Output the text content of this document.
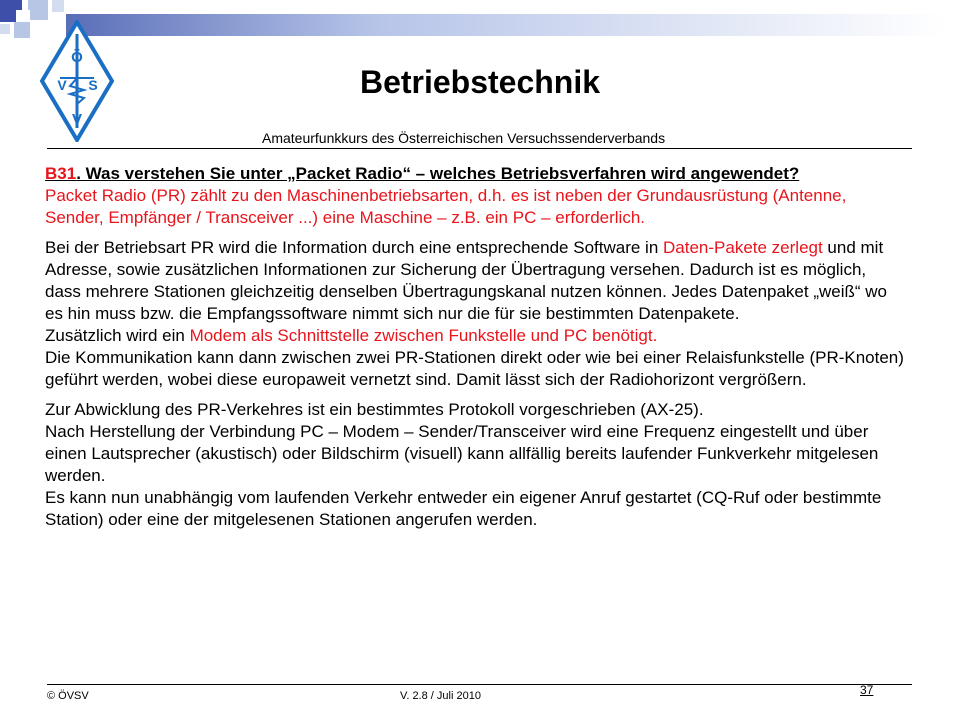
Ö
V S
V
Betriebstechnik
Amateurfunkkurs des Österreichischen Versuchssenderverbands

B31. Was verstehen Sie unter „Packet Radio“ – welches Betriebsverfahren wird angewendet?

Packet Radio (PR) zählt zu den Maschinenbetriebsarten, d.h. es ist neben der Grundausrüstung (Antenne, Sender, Empfänger / Transceiver ...) eine Maschine – z.B. ein PC – erforderlich.

Bei der Betriebsart PR wird die Information durch eine entsprechende Software in Daten-Pakete zerlegt und mit Adresse, sowie zusätzlichen Informationen zur Sicherung der Übertragung versehen. Dadurch ist es möglich, dass mehrere Stationen gleichzeitig denselben Übertragungskanal nutzen können. Jedes Datenpaket „weiß“ wo es hin muss bzw. die Empfangssoftware nimmt sich nur die für sie bestimmten Datenpakete.

Zusätzlich wird ein Modem als Schnittstelle zwischen Funkstelle und PC benötigt.

Die Kommunikation kann dann zwischen zwei PR-Stationen direkt oder wie bei einer Relaisfunkstelle (PR-Knoten) geführt werden, wobei diese europaweit vernetzt sind. Damit lässt sich der Radiohorizont vergrößern.

Zur Abwicklung des PR-Verkehres ist ein bestimmtes Protokoll vorgeschrieben (AX-25).

Nach Herstellung der Verbindung PC – Modem – Sender/Transceiver wird eine Frequenz eingestellt und über einen Lautsprecher (akustisch) oder Bildschirm (visuell) kann allfällig bereits laufender Funkverkehr mitgelesen werden.

Es kann nun unabhängig vom laufenden Verkehr entweder ein eigener Anruf gestartet (CQ-Ruf oder bestimmte Station) oder eine der mitgelesenen Stationen angerufen werden.

© ÖVSV	V. 2.8 / Juli 2010	37
